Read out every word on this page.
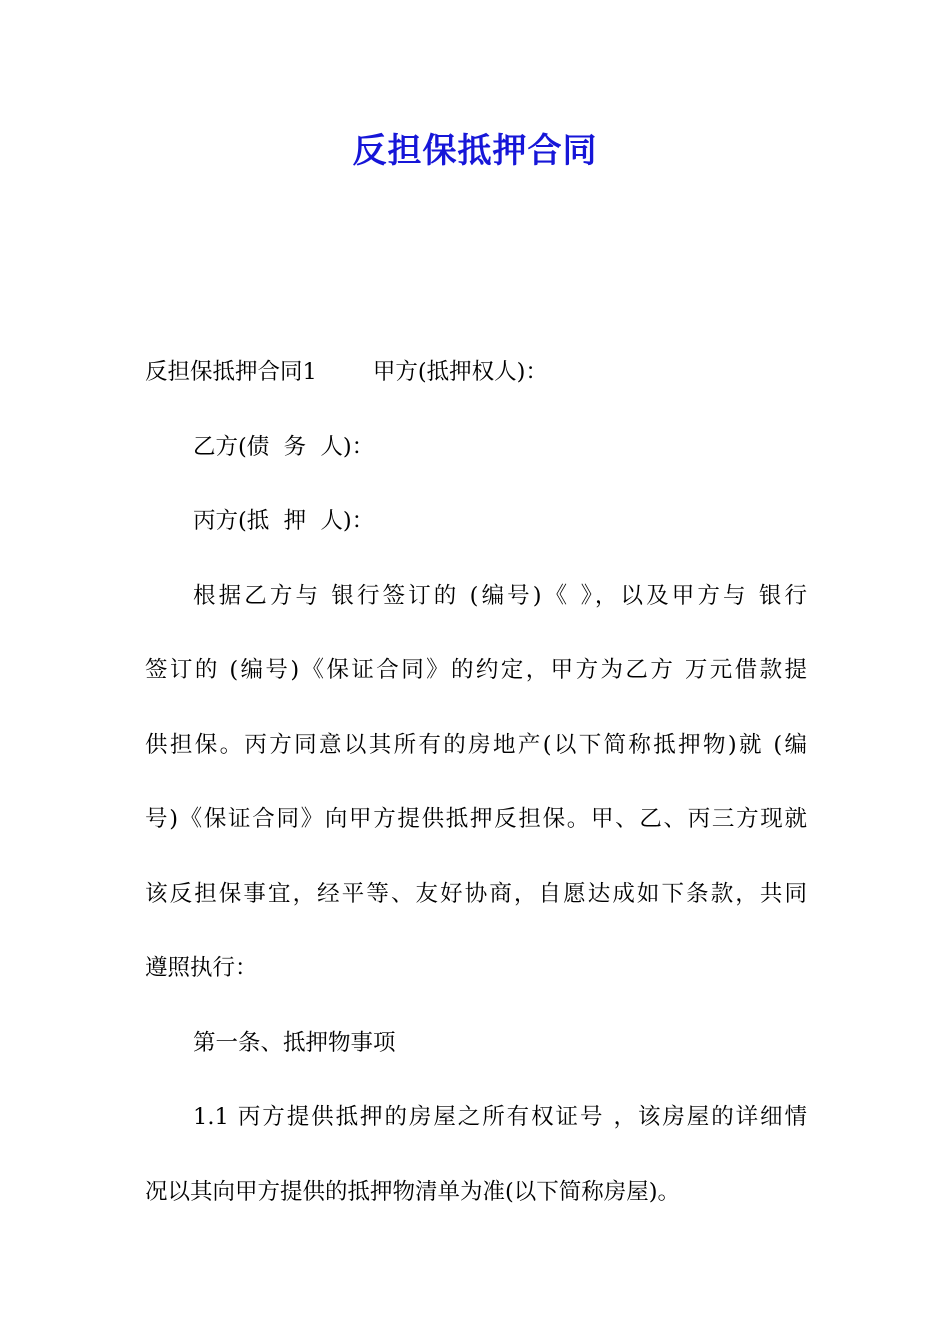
反担保抵押合同
反担保抵押合同1 甲方(抵押权人)：
乙方(债  务  人)：
丙方(抵  押  人)：
根据乙方与 银行签订的 (编号)《 》，以及甲方与 银行
签订的 (编号)《保证合同》的约定，甲方为乙方 万元借款提
供担保。丙方同意以其所有的房地产(以下简称抵押物)就 (编
号)《保证合同》向甲方提供抵押反担保。甲、乙、丙三方现就
该反担保事宜，经平等、友好协商，自愿达成如下条款，共同
遵照执行：
第一条、抵押物事项
1.1 丙方提供抵押的房屋之所有权证号 ，该房屋的详细情
况以其向甲方提供的抵押物清单为准(以下简称房屋)。
